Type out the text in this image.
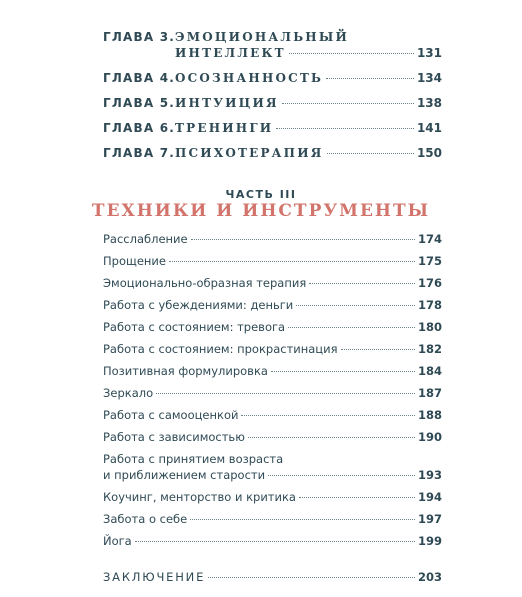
ГЛАВА 3. ЭМОЦИОНАЛЬНЫЙ
ИНТЕЛЛЕКТ	131
ГЛАВА 4. ОСОЗНАННОСТЬ	134
ГЛАВА 5. ИНТУИЦИЯ	138
ГЛАВА 6. ТРЕНИНГИ	141
ГЛАВА 7. ПСИХОТЕРАПИЯ	150
ЧАСТЬ III
ТЕХНИКИ И ИНСТРУМЕНТЫ
Расслабление	174
Прощение	175
Эмоционально-образная терапия	176
Работа с убеждениями: деньги	178
Работа с состоянием: тревога	180
Работа с состоянием: прокрастинация	182
Позитивная формулировка	184
Зеркало	187
Работа с самооценкой	188
Работа с зависимостью	190
Работа с принятием возраста
и приближением старости	193
Коучинг, менторство и критика	194
Забота о себе	197
Йога	199
ЗАКЛЮЧЕНИЕ	203
